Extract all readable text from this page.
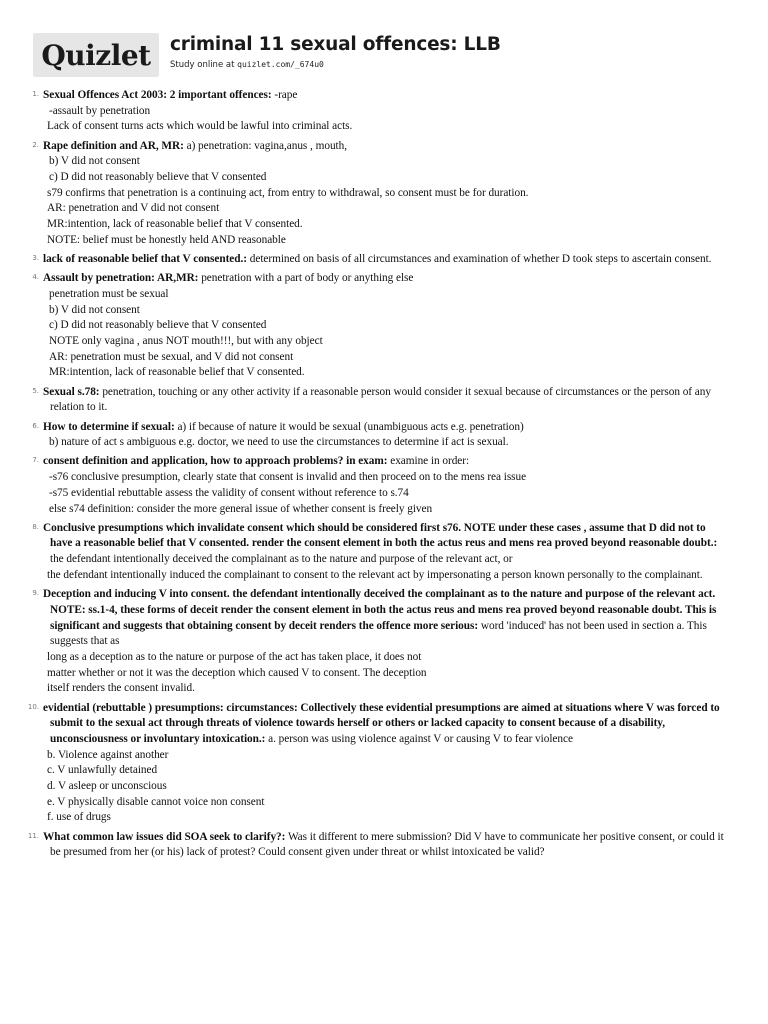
Quizlet	criminal 11 sexual offences: LLB
Study online at quizlet.com/_674u0
1. Sexual Offences Act 2003: 2 important offences: -rape
-assault by penetration
Lack of consent turns acts which would be lawful into criminal acts.
2. Rape definition and AR, MR: a) penetration: vagina,anus , mouth,
b) V did not consent
c) D did not reasonably believe that V consented
s79 confirms that penetration is a continuing act, from entry to withdrawal, so consent must be for duration.
AR: penetration and V did not consent
MR:intention, lack of reasonable belief that V consented.
NOTE: belief must be honestly held AND reasonable
3. lack of reasonable belief that V consented.: determined on basis of all circumstances and examination of whether D took steps to ascertain consent.
4. Assault by penetration: AR,MR: penetration with a part of body or anything else
penetration must be sexual
b) V did not consent
c) D did not reasonably believe that V consented
NOTE only vagina , anus NOT mouth!!!, but with any object
AR: penetration must be sexual, and V did not consent
MR:intention, lack of reasonable belief that V consented.
5. Sexual s.78: penetration, touching or any other activity if a reasonable person would consider it sexual because of circumstances or the person of any relation to it.
6. How to determine if sexual: a) if because of nature it would be sexual (unambiguous acts e.g. penetration)
b) nature of act s ambiguous e.g. doctor, we need to use the circumstances to determine if act is sexual.
7. consent definition and application, how to approach problems? in exam: examine in order:
-s76 conclusive presumption, clearly state that consent is invalid and then proceed on to the mens rea issue
-s75 evidential rebuttable assess the validity of consent without reference to s.74
else s74 definition: consider the more general issue of whether consent is freely given
8. Conclusive presumptions which invalidate consent which should be considered first s76. NOTE under these cases , assume that D did not to have a reasonable belief that V consented. render the consent element in both the actus reus and mens rea proved beyond reasonable doubt.: the defendant intentionally deceived the complainant as to the nature and purpose of the relevant act, or
the defendant intentionally induced the complainant to consent to the relevant act by impersonating a person known personally to the complainant.
9. Deception and inducing V into consent. the defendant intentionally deceived the complainant as to the nature and purpose of the relevant act. NOTE: ss.1-4, these forms of deceit render the consent element in both the actus reus and mens rea proved beyond reasonable doubt. This is significant and suggests that obtaining consent by deceit renders the offence more serious: word 'induced' has not been used in section a. This suggests that as
long as a deception as to the nature or purpose of the act has taken place, it does not
matter whether or not it was the deception which caused V to consent. The deception
itself renders the consent invalid.
10. evidential (rebuttable ) presumptions: circumstances: Collectively these evidential presumptions are aimed at situations where V was forced to submit to the sexual act through threats of violence towards herself or others or lacked capacity to consent because of a disability, unconsciousness or involuntary intoxication.: a. person was using violence against V or causing V to fear violence
b. Violence against another
c. V unlawfully detained
d. V asleep or unconscious
e. V physically disable cannot voice non consent
f. use of drugs
11. What common law issues did SOA seek to clarify?: Was it different to mere submission? Did V have to communicate her positive consent, or could it be presumed from her (or his) lack of protest? Could consent given under threat or whilst intoxicated be valid?
